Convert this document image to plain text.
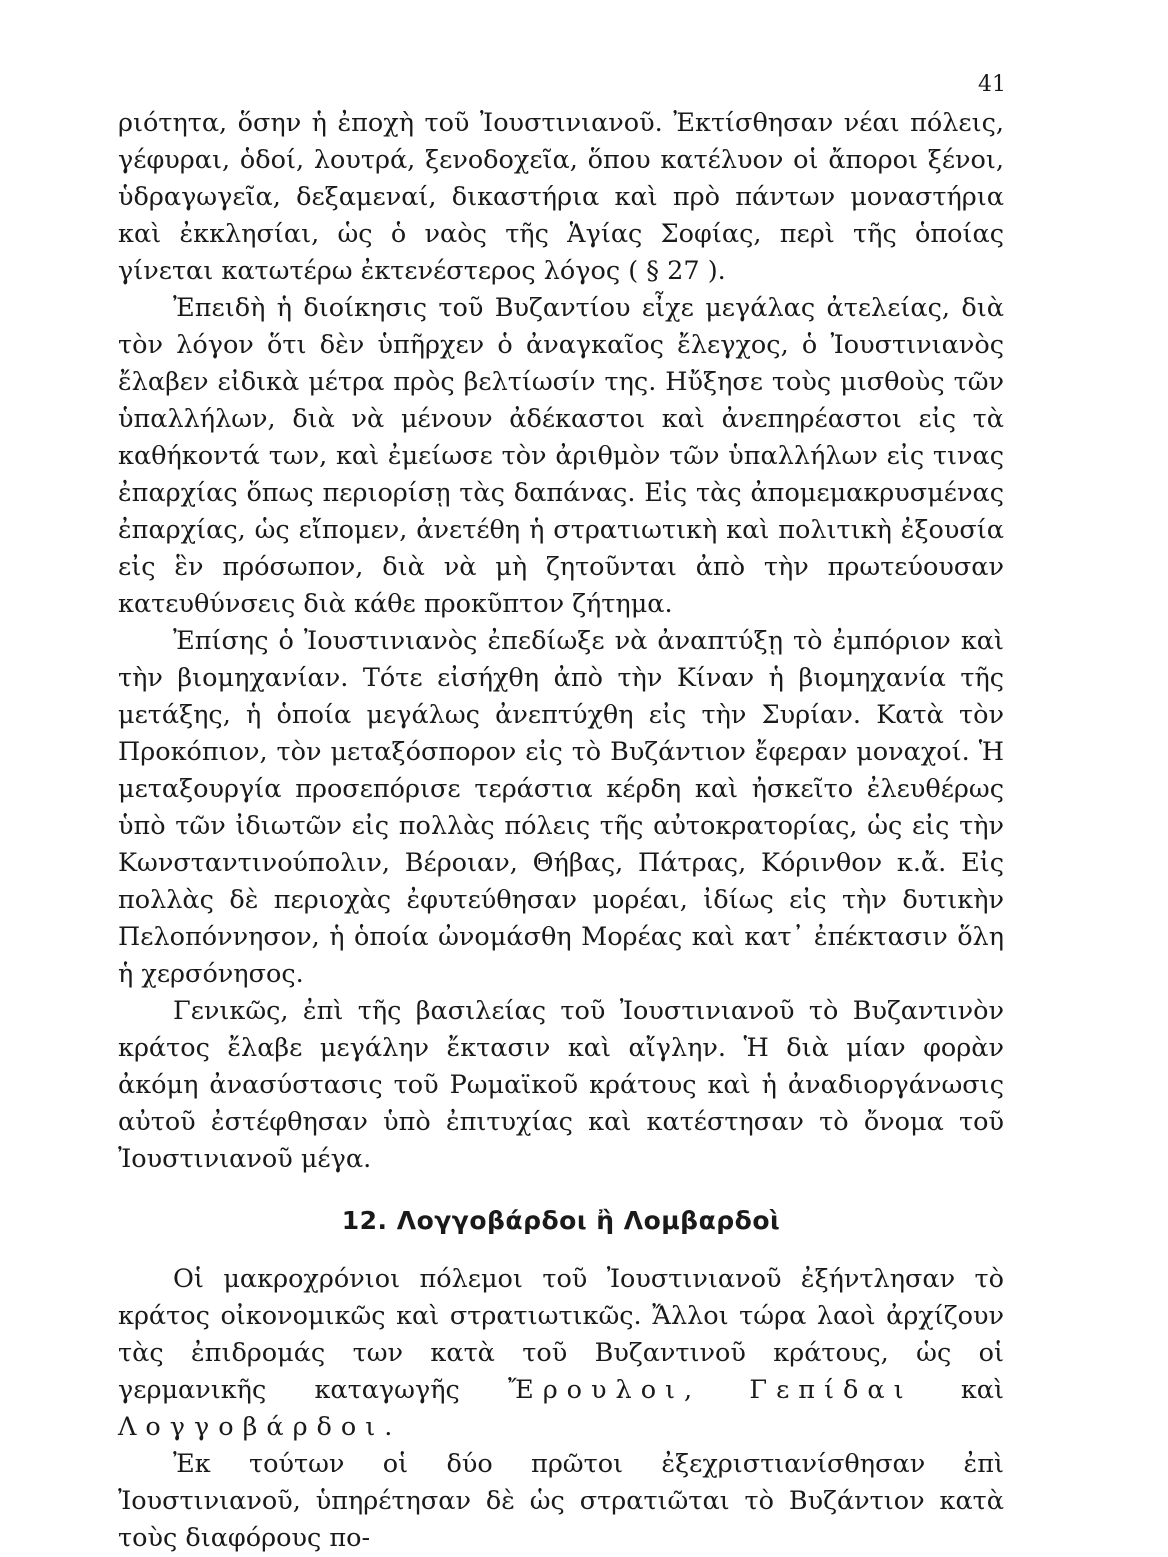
41

ριότητα, ὅσην ἡ ἐποχὴ τοῦ Ἰουστινιανοῦ. Ἐκτίσθησαν νέαι πόλεις, γέφυραι, ὁδοί, λουτρά, ξενοδοχεῖα, ὅπου κατέλυον οἱ ἄποροι ξένοι, ὑδραγωγεῖα, δεξαμεναί, δικαστήρια καὶ πρὸ πάντων μοναστήρια καὶ ἐκκλησίαι, ὡς ὁ ναὸς τῆς Ἁγίας Σοφίας, περὶ τῆς ὁποίας γίνεται κατωτέρω ἐκτενέστερος λόγος ( § 27 ).

Ἐπειδὴ ἡ διοίκησις τοῦ Βυζαντίου εἶχε μεγάλας ἀτελείας, διὰ τὸν λόγον ὅτι δὲν ὑπῆρχεν ὁ ἀναγκαῖος ἔλεγχος, ὁ Ἰουστινιανὸς ἔλαβεν εἰδικὰ μέτρα πρὸς βελτίωσίν της. Ηὔξησε τοὺς μισθοὺς τῶν ὑπαλλήλων, διὰ νὰ μένουν ἀδέκαστοι καὶ ἀνεπηρέαστοι εἰς τὰ καθήκοντά των, καὶ ἐμείωσε τὸν ἀριθμὸν τῶν ὑπαλλήλων εἰς τινας ἐπαρχίας ὅπως περιορίσῃ τὰς δαπάνας. Εἰς τὰς ἀπομεμακρυσμένας ἐπαρχίας, ὡς εἴπομεν, ἀνετέθη ἡ στρατιωτικὴ καὶ πολιτικὴ ἐξουσία εἰς ἓν πρόσωπον, διὰ νὰ μὴ ζητοῦνται ἀπὸ τὴν πρωτεύουσαν κατευθύνσεις διὰ κάθε προκῦπτον ζήτημα.

Ἐπίσης ὁ Ἰουστινιανὸς ἐπεδίωξε νὰ ἀναπτύξῃ τὸ ἐμπόριον καὶ τὴν βιομηχανίαν. Τότε εἰσήχθη ἀπὸ τὴν Κίναν ἡ βιομηχανία τῆς μετάξης, ἡ ὁποία μεγάλως ἀνεπτύχθη εἰς τὴν Συρίαν. Κατὰ τὸν Προκόπιον, τὸν μεταξόσπορον εἰς τὸ Βυζάντιον ἔφεραν μοναχοί. Ἡ μεταξουργία προσεπόρισε τεράστια κέρδη καὶ ἠσκεῖτο ἐλευθέρως ὑπὸ τῶν ἰδιωτῶν εἰς πολλὰς πόλεις τῆς αὐτοκρατορίας, ὡς εἰς τὴν Κωνσταντινούπολιν, Βέροιαν, Θήβας, Πάτρας, Κόρινθον κ.ἄ. Εἰς πολλὰς δὲ περιοχὰς ἐφυτεύθησαν μορέαι, ἰδίως εἰς τὴν δυτικὴν Πελοπόννησον, ἡ ὁποία ὠνομάσθη Μορέας καὶ κατ᾽ ἐπέκτασιν ὅλη ἡ χερσόνησος.

Γενικῶς, ἐπὶ τῆς βασιλείας τοῦ Ἰουστινιανοῦ τὸ Βυζαντινὸν κράτος ἔλαβε μεγάλην ἔκτασιν καὶ αἴγλην. Ἡ διὰ μίαν φορὰν ἀκόμη ἀνασύστασις τοῦ Ρωμαϊκοῦ κράτους καὶ ἡ ἀναδιοργάνωσις αὐτοῦ ἐστέφθησαν ὑπὸ ἐπιτυχίας καὶ κατέστησαν τὸ ὄνομα τοῦ Ἰουστινιανοῦ μέγα.

12. Λογγοβάρδοι ἢ Λομβαρδοὶ

Οἱ μακροχρόνιοι πόλεμοι τοῦ Ἰουστινιανοῦ ἐξήντλησαν τὸ κράτος οἰκονομικῶς καὶ στρατιωτικῶς. Ἄλλοι τώρα λαοὶ ἀρχίζουν τὰς ἐπιδρομάς των κατὰ τοῦ Βυζαντινοῦ κράτους, ὡς οἱ γερμανικῆς καταγωγῆς Ἔρουλοι, Γεπίδαι καὶ Λογγοβάρδοι.

Ἐκ τούτων οἱ δύο πρῶτοι ἐξεχριστιανίσθησαν ἐπὶ Ἰουστινιανοῦ, ὑπηρέτησαν δὲ ὡς στρατιῶται τὸ Βυζάντιον κατὰ τοὺς διαφόρους πο-
